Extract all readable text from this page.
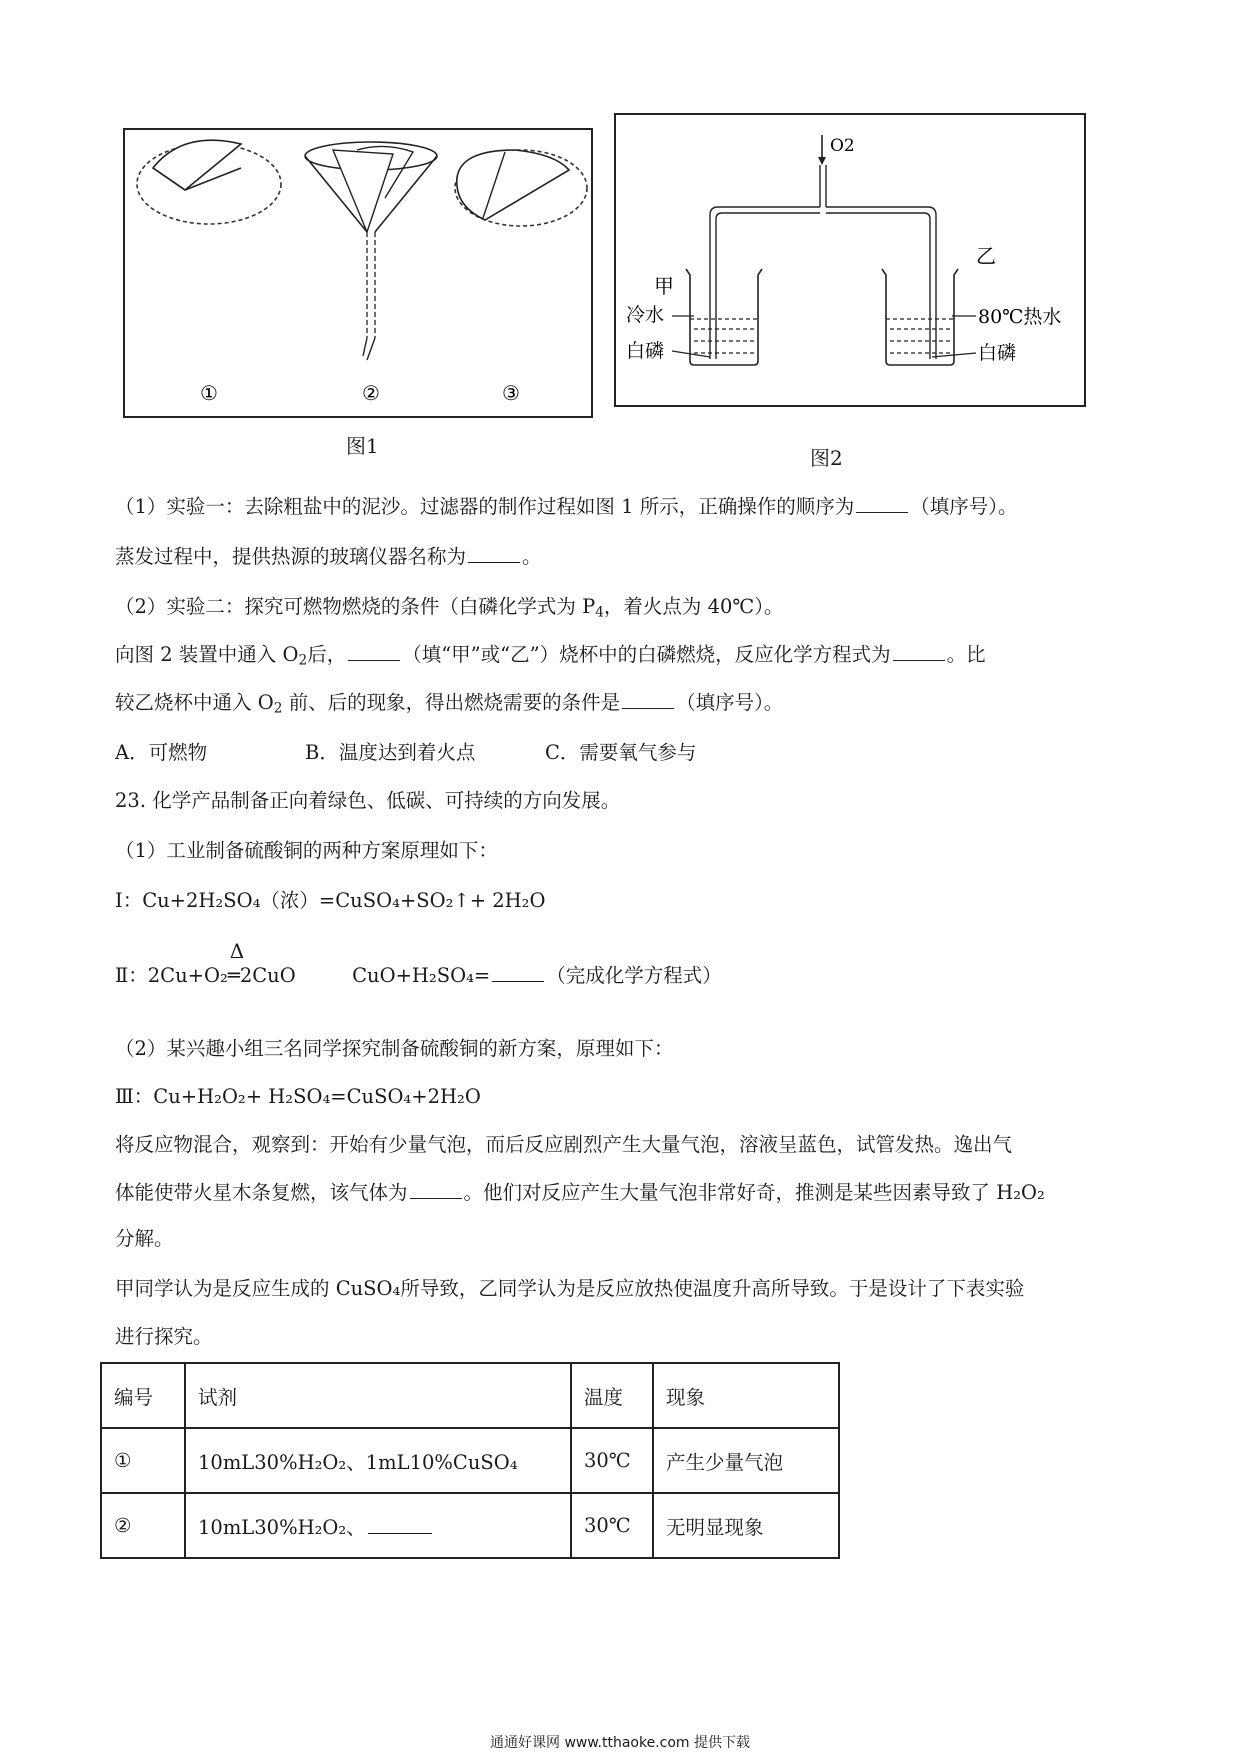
①	②	③
图1
O2
甲
乙
冷水
白磷
80℃热水
白磷
图2
（1）实验一：去除粗盐中的泥沙。过滤器的制作过程如图 1 所示，正确操作的顺序为	（填序号）。
蒸发过程中，提供热源的玻璃仪器名称为	。
（2）实验二：探究可燃物燃烧的条件（白磷化学式为 $P_4$，着火点为 40℃）。
向图 2 装置中通入 $O_2$后，	（填“甲”或“乙”）烧杯中的白磷燃烧，反应化学方程式为	。比
较乙烧杯中通入 $O_2$ 前、后的现象，得出燃烧需要的条件是	（填序号）。
A．可燃物	B．温度达到着火点	C．需要氧气参与
23. 化学产品制备正向着绿色、低碳、可持续的方向发展。
（1）工业制备硫酸铜的两种方案原理如下：
Ⅰ：Cu+2H₂SO₄（浓）=CuSO₄+SO₂↑+ 2H₂O
Ⅱ：2Cu+O₂
Δ
═2CuO	CuO+H₂SO₄=	（完成化学方程式）
（2）某兴趣小组三名同学探究制备硫酸铜的新方案，原理如下：
Ⅲ：Cu+H₂O₂+ H₂SO₄=CuSO₄+2H₂O
将反应物混合，观察到：开始有少量气泡，而后反应剧烈产生大量气泡，溶液呈蓝色，试管发热。逸出气
体能使带火星木条复燃，该气体为	。他们对反应产生大量气泡非常好奇，推测是某些因素导致了 H₂O₂
分解。
甲同学认为是反应生成的 CuSO₄所导致，乙同学认为是反应放热使温度升高所导致。于是设计了下表实验
进行探究。
编号	试剂	温度	现象
①	10mL30%H₂O₂、1mL10%CuSO₄	30℃	产生少量气泡
②	10mL30%H₂O₂、	30℃	无明显现象
通通好课网 www.tthaoke.com 提供下载
